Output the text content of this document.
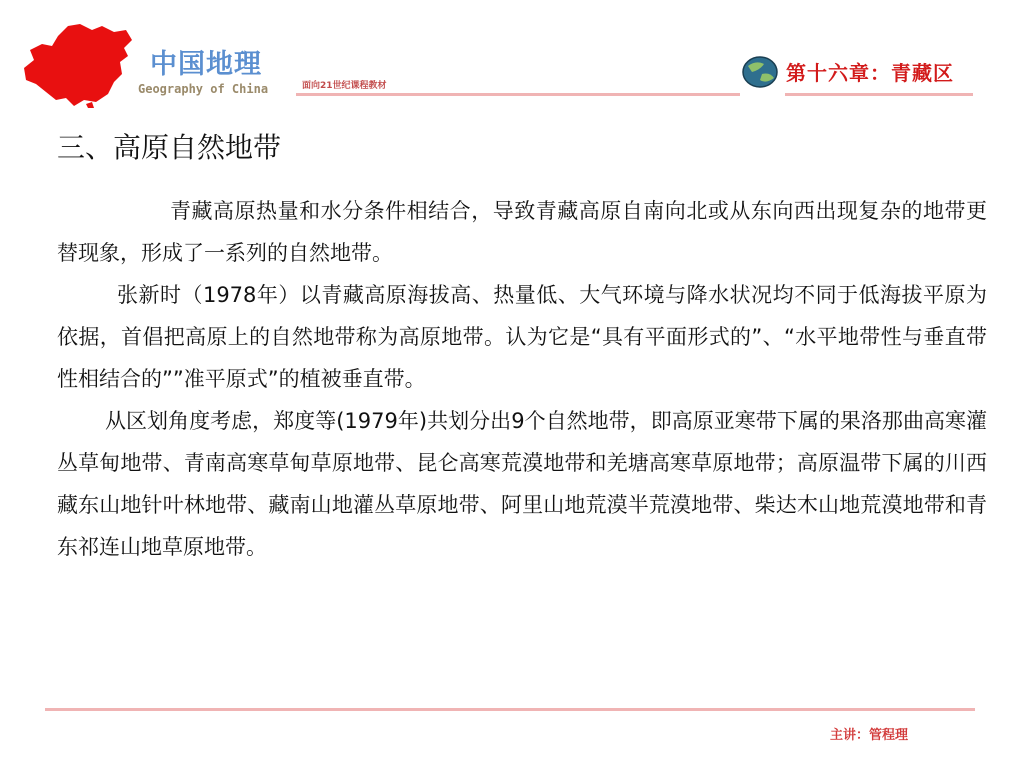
中国地理
Geography of China	面向21世纪课程教材
第十六章：青藏区
三、高原自然地带

青藏高原热量和水分条件相结合，导致青藏高原自南向北或从东向西出现复杂的地带更替现象，形成了一系列的自然地带。

张新时（1978年）以青藏高原海拔高、热量低、大气环境与降水状况均不同于低海拔平原为依据，首倡把高原上的自然地带称为高原地带。认为它是“具有平面形式的”、“水平地带性与垂直带性相结合的””准平原式”的植被垂直带。

从区划角度考虑，郑度等(1979年)共划分出9个自然地带，即高原亚寒带下属的果洛那曲高寒灌丛草甸地带、青南高寒草甸草原地带、昆仑高寒荒漠地带和羌塘高寒草原地带；高原温带下属的川西藏东山地针叶林地带、藏南山地灌丛草原地带、阿里山地荒漠半荒漠地带、柴达木山地荒漠地带和青东祁连山地草原地带。

主讲：管程理
